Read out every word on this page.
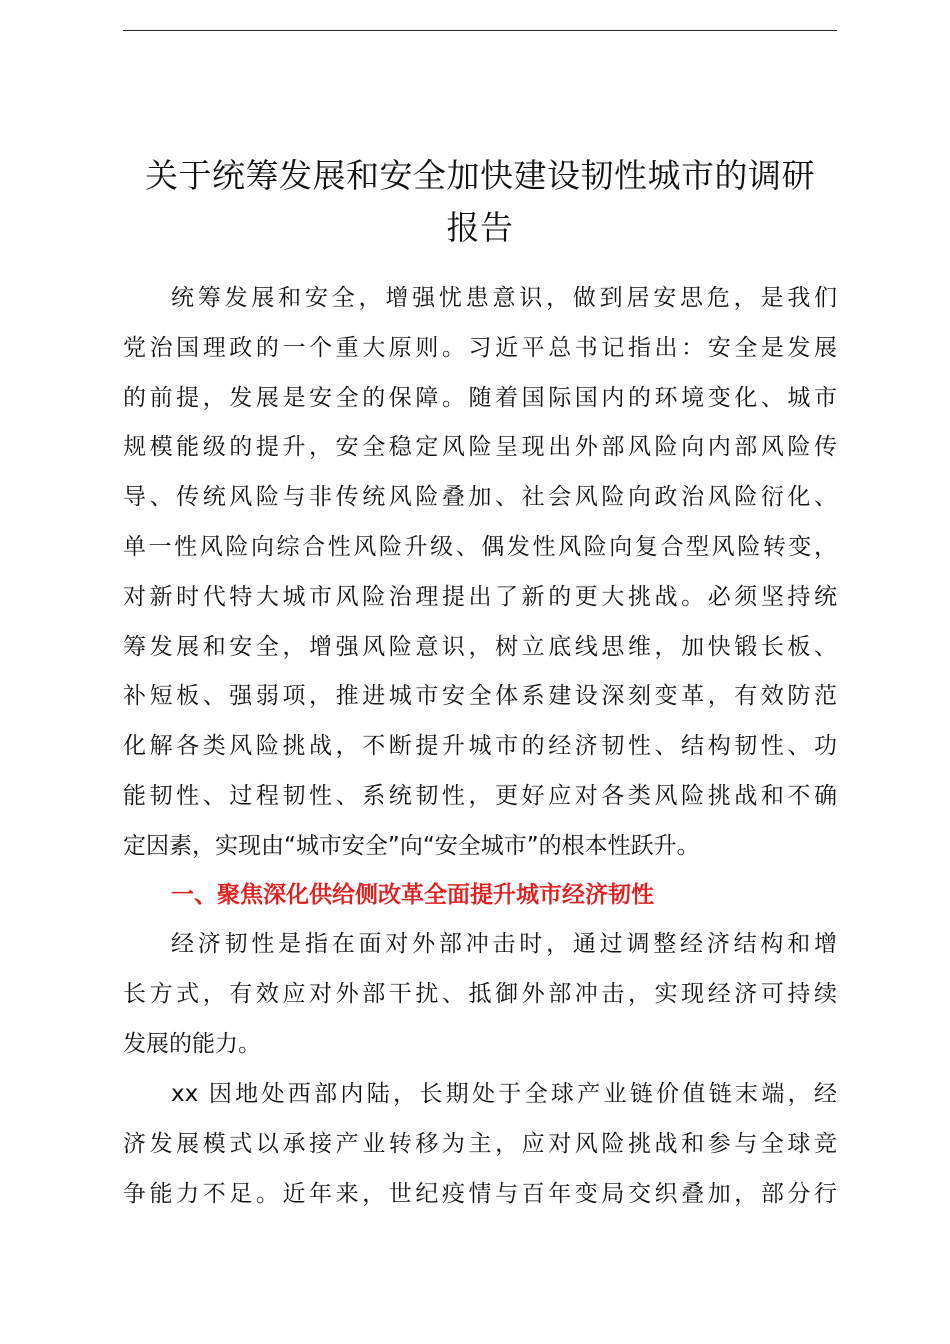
关于统筹发展和安全加快建设韧性城市的调研
报告
统筹发展和安全，增强忧患意识，做到居安思危，是我们
党治国理政的一个重大原则。习近平总书记指出：安全是发展
的前提，发展是安全的保障。随着国际国内的环境变化、城市
规模能级的提升，安全稳定风险呈现出外部风险向内部风险传
导、传统风险与非传统风险叠加、社会风险向政治风险衍化、
单一性风险向综合性风险升级、偶发性风险向复合型风险转变，
对新时代特大城市风险治理提出了新的更大挑战。必须坚持统
筹发展和安全，增强风险意识，树立底线思维，加快锻长板、
补短板、强弱项，推进城市安全体系建设深刻变革，有效防范
化解各类风险挑战，不断提升城市的经济韧性、结构韧性、功
能韧性、过程韧性、系统韧性，更好应对各类风险挑战和不确
定因素，实现由“城市安全”向“安全城市”的根本性跃升。
一、聚焦深化供给侧改革全面提升城市经济韧性
经济韧性是指在面对外部冲击时，通过调整经济结构和增
长方式，有效应对外部干扰、抵御外部冲击，实现经济可持续
发展的能力。
xx 因地处西部内陆，长期处于全球产业链价值链末端，经
济发展模式以承接产业转移为主，应对风险挑战和参与全球竞
争能力不足。近年来，世纪疫情与百年变局交织叠加，部分行
